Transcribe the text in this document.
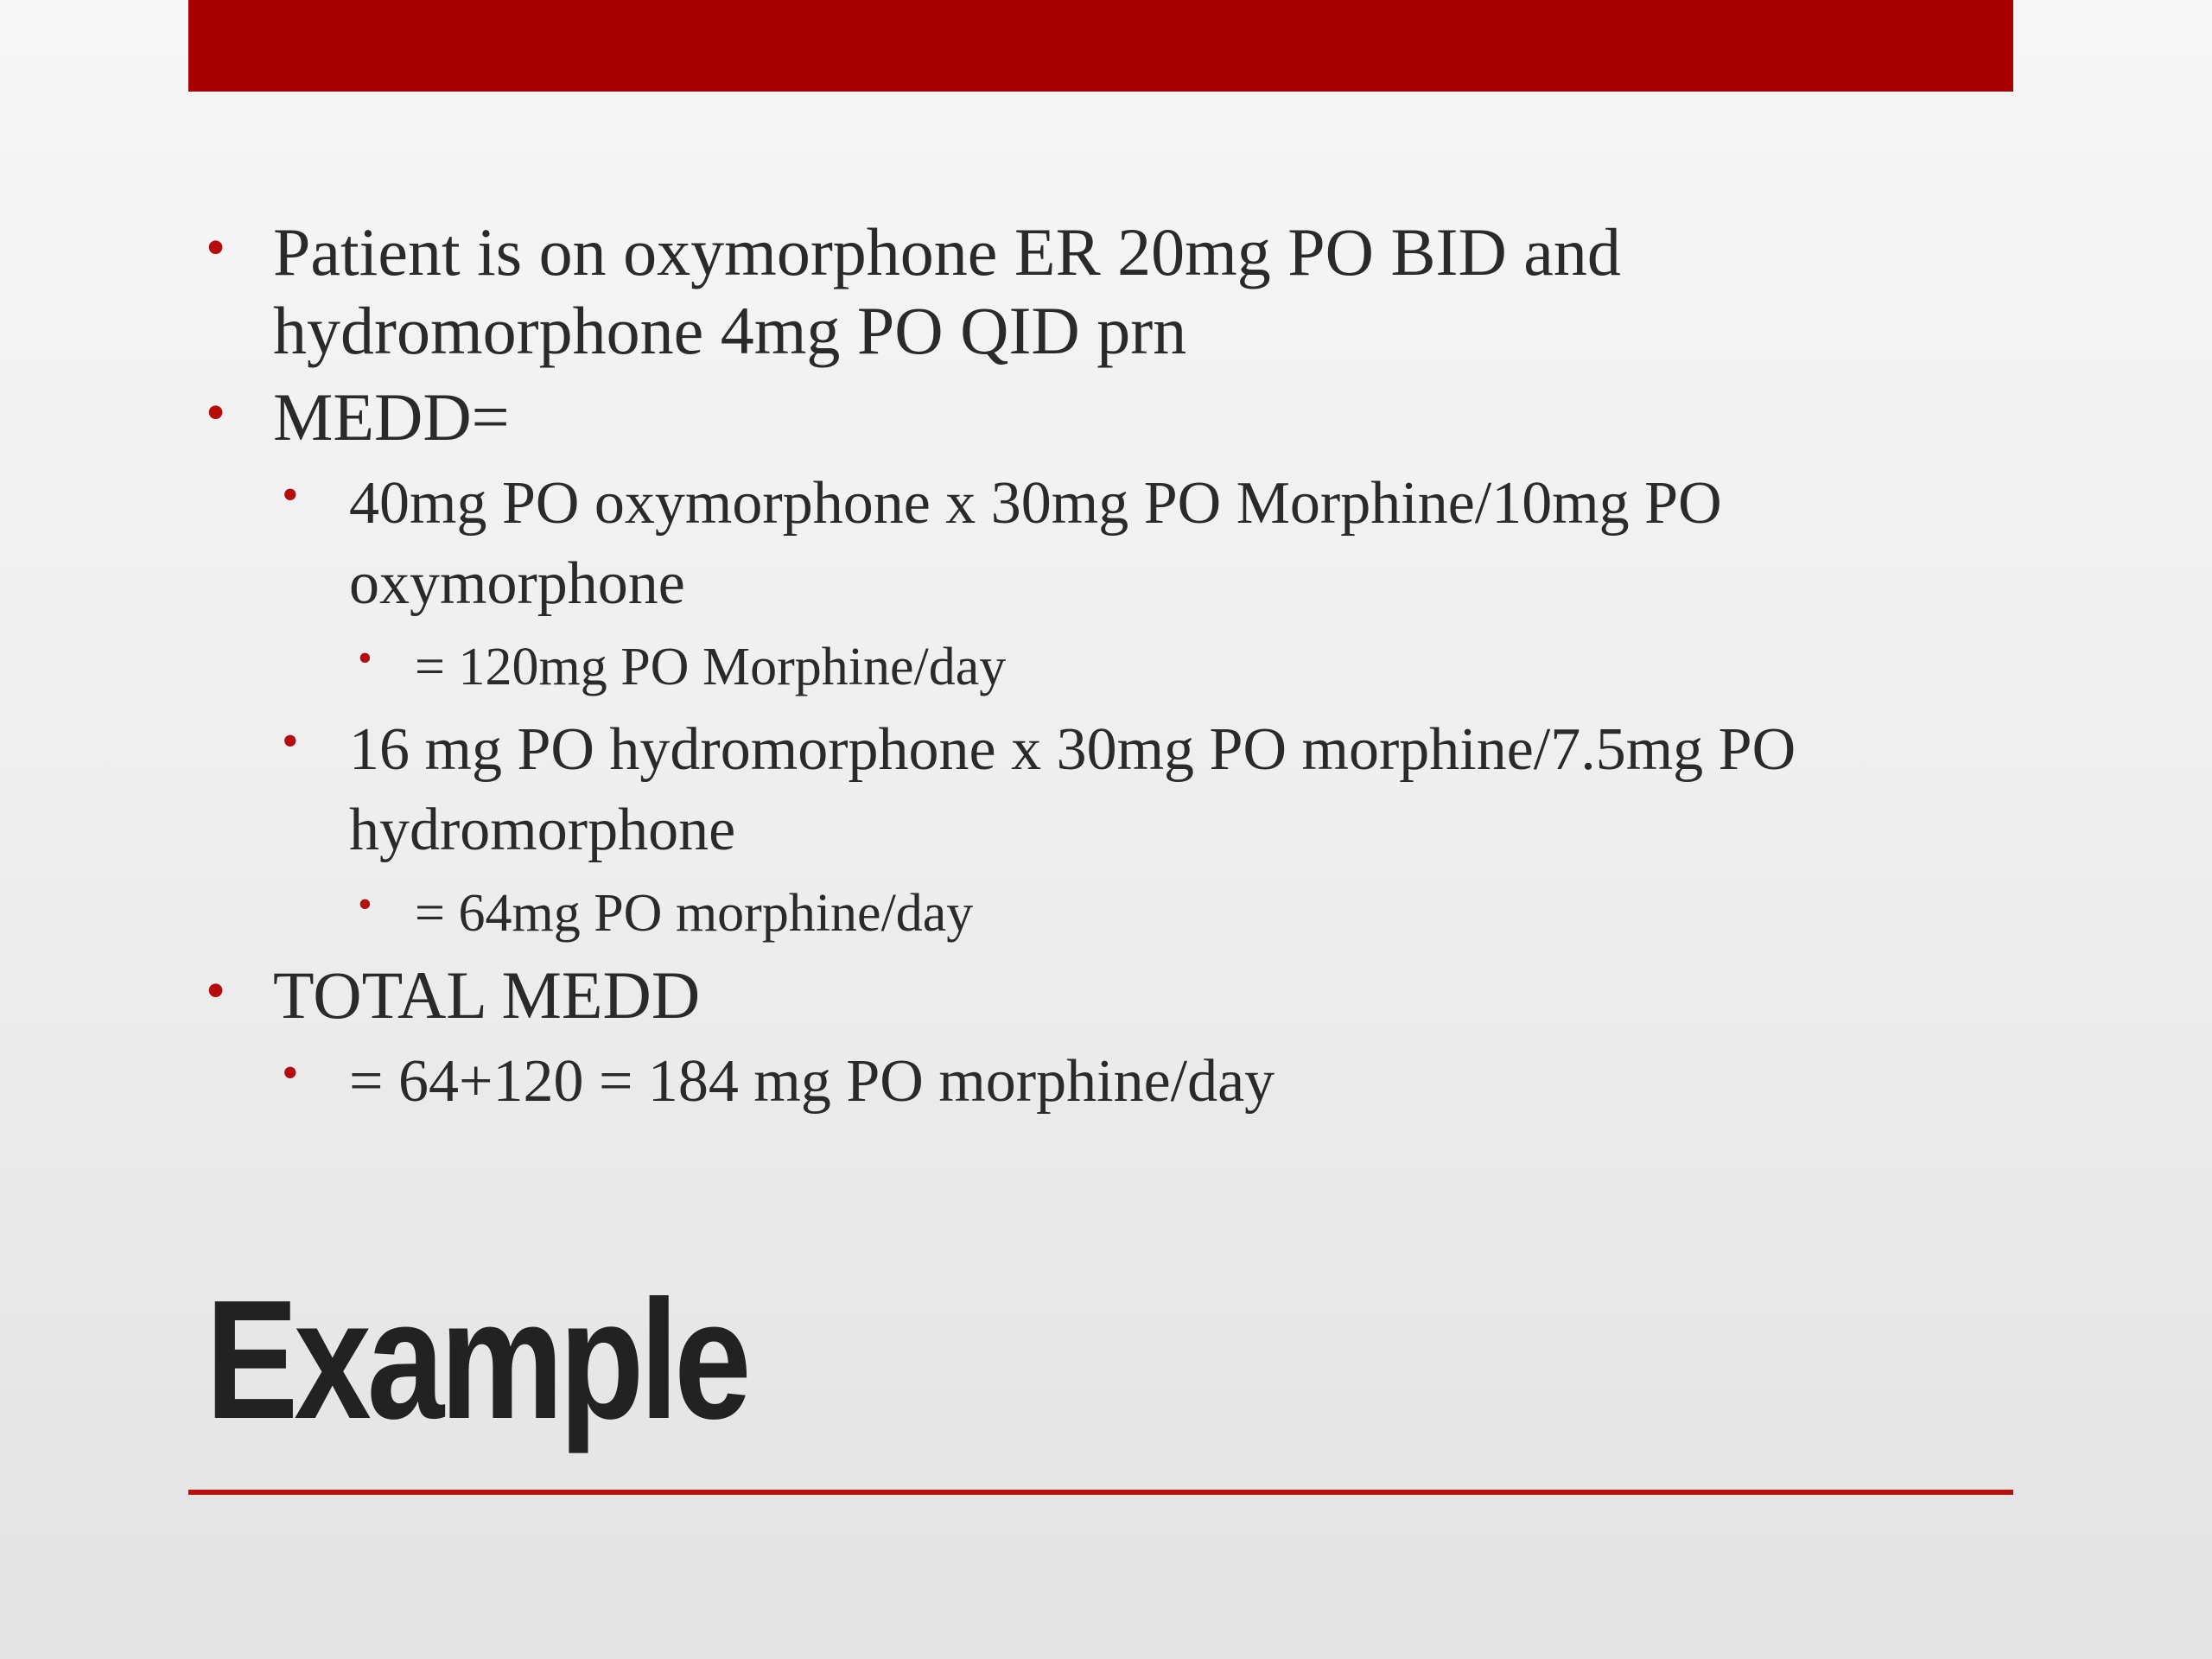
• Patient is on oxymorphone ER 20mg PO BID and hydromorphone 4mg PO QID prn
• MEDD=
• 40mg PO oxymorphone x 30mg PO Morphine/10mg PO oxymorphone
• = 120mg PO Morphine/day
• 16 mg PO hydromorphone x 30mg PO morphine/7.5mg PO hydromorphone
• = 64mg PO morphine/day
• TOTAL MEDD
• = 64+120 = 184 mg PO morphine/day
Example
